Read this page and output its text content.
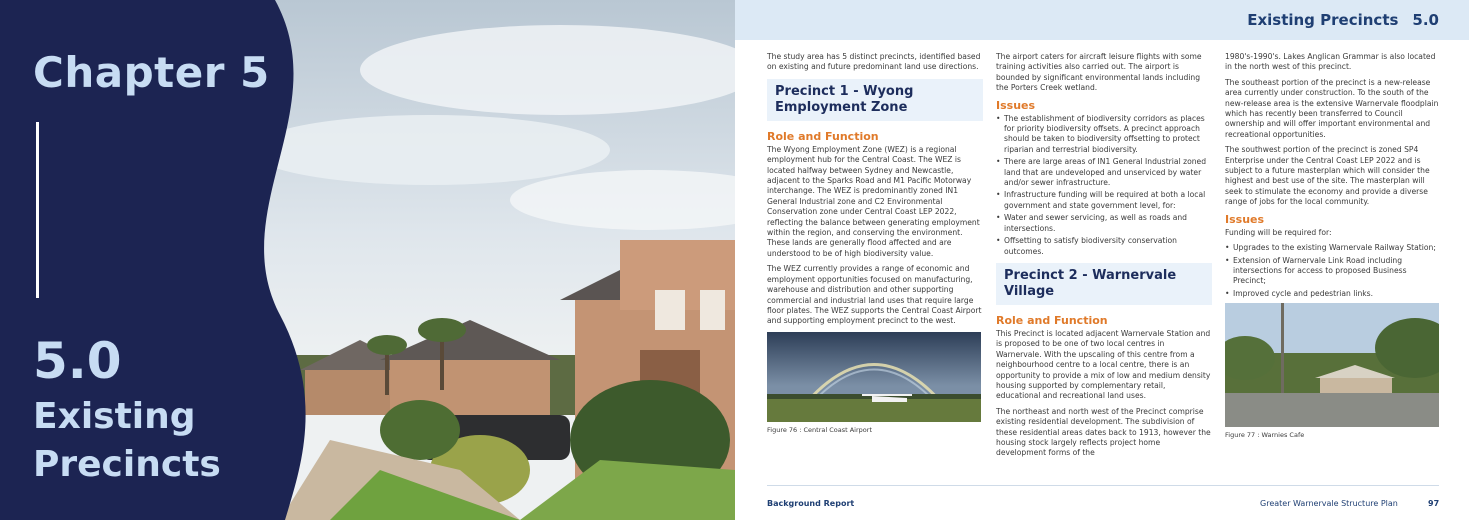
Chapter 5
5.0
Existing Precincts
Existing Precincts 5.0

The study area has 5 distinct precincts, identified based on existing and future predominant land use directions.

Precinct 1 - Wyong Employment Zone
Role and Function

The Wyong Employment Zone (WEZ) is a regional employment hub for the Central Coast. The WEZ is located halfway between Sydney and Newcastle, adjacent to the Sparks Road and M1 Pacific Motorway interchange. The WEZ is predominantly zoned IN1 General Industrial zone and C2 Environmental Conservation zone under Central Coast LEP 2022, reflecting the balance between generating employment within the region, and conserving the environment. These lands are generally flood affected and are understood to be of high biodiversity value.

The WEZ currently provides a range of economic and employment opportunities focused on manufacturing, warehouse and distribution and other supporting commercial and industrial land uses that require large floor plates. The WEZ supports the Central Coast Airport and supporting employment precinct to the west.

Figure 76 : Central Coast Airport

The airport caters for aircraft leisure flights with some training activities also carried out. The airport is bounded by significant environmental lands including the Porters Creek wetland.

Issues
• The establishment of biodiversity corridors as places for priority biodiversity offsets. A precinct approach should be taken to biodiversity offsetting to protect riparian and terrestrial biodiversity.
• There are large areas of IN1 General Industrial zoned land that are undeveloped and unserviced by water and/or sewer infrastructure.
• Infrastructure funding will be required at both a local government and state government level, for:
• Water and sewer servicing, as well as roads and intersections.
• Offsetting to satisfy biodiversity conservation outcomes.
Precinct 2 - Warnervale Village
Role and Function

This Precinct is located adjacent Warnervale Station and is proposed to be one of two local centres in Warnervale. With the upscaling of this centre from a neighbourhood centre to a local centre, there is an opportunity to provide a mix of low and medium density housing supported by complementary retail, educational and recreational land uses.

The northeast and north west of the Precinct comprise existing residential development. The subdivision of these residential areas dates back to 1913, however the housing stock largely reflects project home development forms of the

1980's-1990's. Lakes Anglican Grammar is also located in the north west of this precinct.

The southeast portion of the precinct is a new-release area currently under construction. To the south of the new-release area is the extensive Warnervale floodplain which has recently been transferred to Council ownership and will offer important environmental and recreational opportunities.

The southwest portion of the precinct is zoned SP4 Enterprise under the Central Coast LEP 2022 and is subject to a future masterplan which will consider the highest and best use of the site. The masterplan will seek to stimulate the economy and provide a diverse range of jobs for the local community.

Issues

Funding will be required for:

• Upgrades to the existing Warnervale Railway Station;
• Extension of Warnervale Link Road including intersections for access to proposed Business Precinct;
• Improved cycle and pedestrian links.
Figure 77 : Warnies Cafe
Background Report	Greater Warnervale Structure Plan	97
